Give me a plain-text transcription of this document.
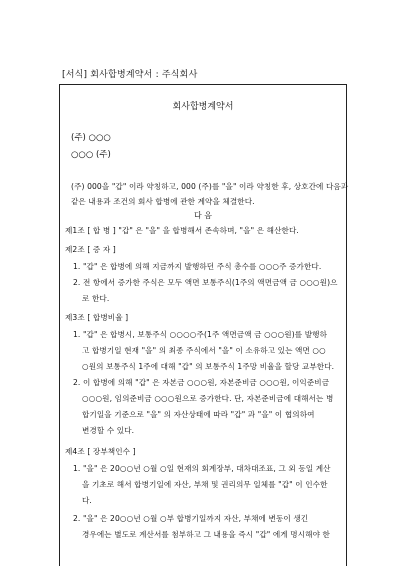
[서식] 회사합병계약서 : 주식회사
회사합병계약서
(주) ○○○
○○○ (주)
(주) 000을 "갑" 이라 약칭하고, 000 (주)를 "을" 이라 약칭한 후, 상호간에 다음과
같은 내용과 조건의 회사 합병에 관한 계약을 체결한다.
다 음
제1조 [ 합 병 ] "갑" 은 "을" 을 합병해서 존속하며, "을" 은 해산한다.
제2조 [ 증 자 ]
1. "갑" 은 합병에 의해 지금까지 발행하던 주식 총수를 ○○○주 증가한다.
2. 전 항에서 증가한 주식은 모두 액면 보통주식(1주의 액면금액 금 ○○○원)으
로 한다.
제3조 [ 합병비율 ]
1. "갑" 은 합병시, 보통주식 ○○○○주(1주 액면금액 금 ○○○원)를 발행하
고 합병기일 현재 "을" 의 최종 주식에서 "을" 이 소유하고 있는 액면 ○○
○원의 보통주식 1주에 대해 "갑" 의 보통주식 1주망 비율을 할당 교부한다.
2. 이 합병에 의해 "갑" 은 자본금 ○○○원, 자본준비금 ○○○원, 이익준비금
○○○원, 임의준비금 ○○○원으로 증가한다. 단, 자본준비금에 대해서는 병
합기일을 기준으로 "을" 의 자산상태에 따라 "갑" 과 "을" 이 협의하여
변경할 수 있다.
제4조 [ 장부책인수 ]
1. "을" 은 20○○년 ○월 ○일 현재의 회계장부, 대차대조표, 그 외 동일 계산
을 기초로 해서 합병기일에 자산, 부채 및 권리의무 일체를 "갑" 이 인수한
다.
2. "을" 은 20○○년 ○월 ○부 합병기일까지 자산, 부채에 변동이 생긴
경우에는 별도로 계산서를 첨부하고 그 내용을 즉시 "갑" 에게 명시해야 한
